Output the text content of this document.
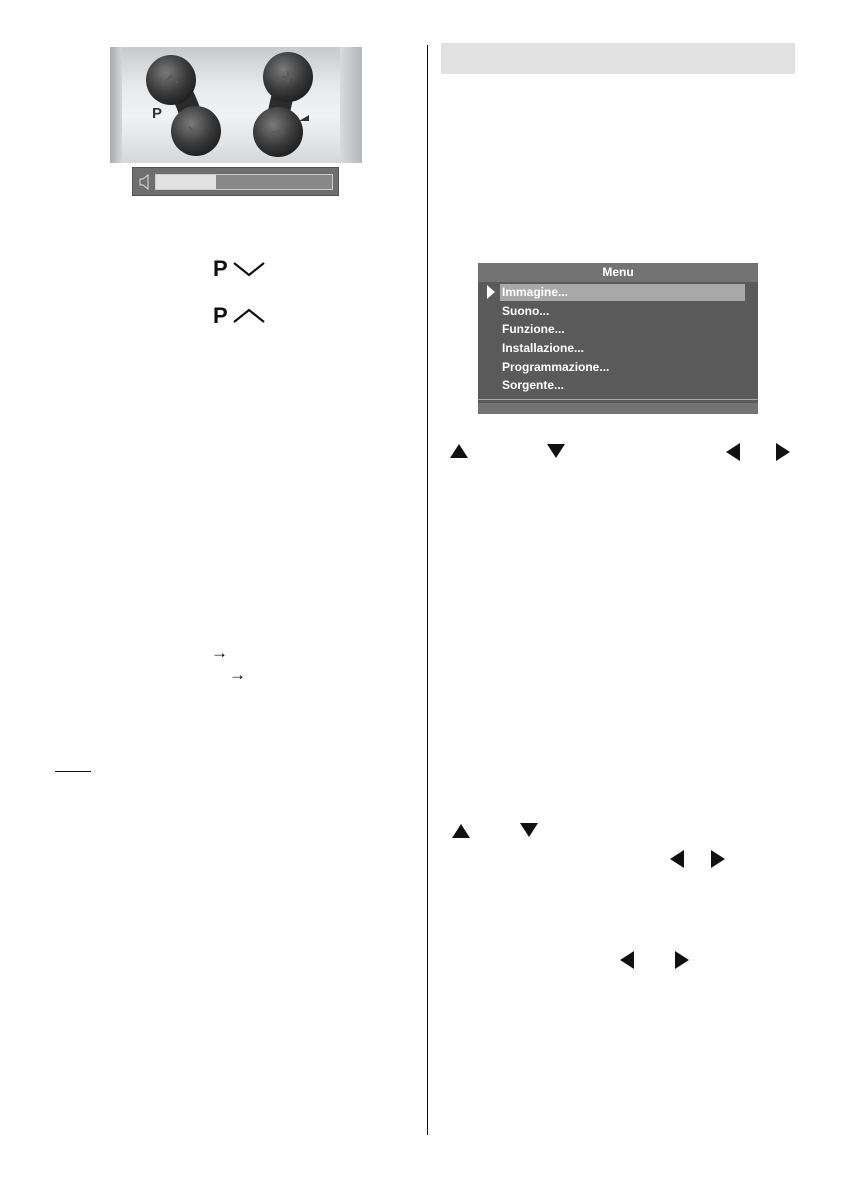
P
P
P
→
→
Menu
Immagine...
Suono...
Funzione...
Installazione...
Programmazione...
Sorgente...
